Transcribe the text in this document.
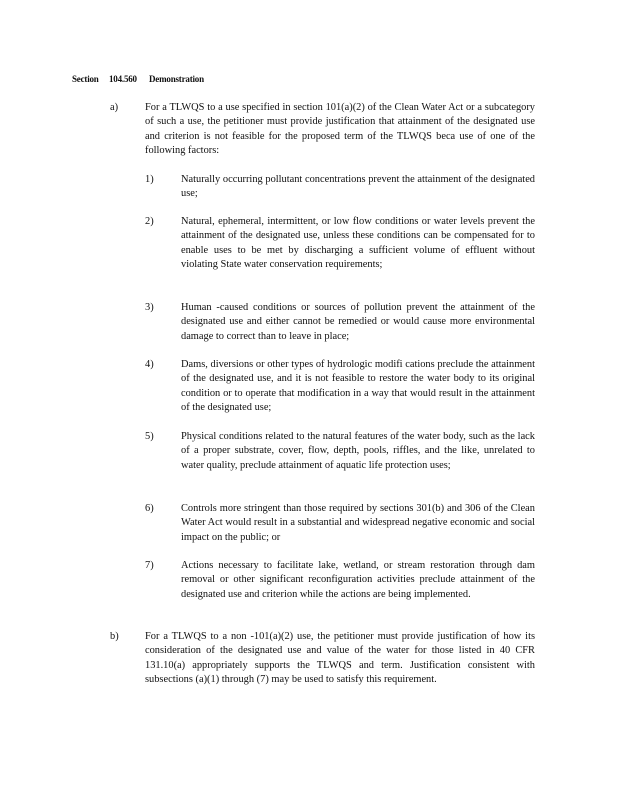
Section 104.560 Demonstration
a)	For a TLWQS to a use specified in section 101(a)(2) of the Clean Water Act or a subcategory of such a use, the petitioner must provide justification that attainment of the designated use and criterion is not feasible for the proposed term of the TLWQS beca use of one of the following factors:
1)	Naturally occurring pollutant concentrations prevent the attainment of the designated use;
2)	Natural, ephemeral, intermittent, or low flow conditions or water levels prevent the attainment of the designated use, unless these conditions can be compensated for to enable uses to be met by discharging a sufficient volume of effluent without violating State water conservation requirements;
3)	Human -caused conditions or sources of pollution prevent the attainment of the designated use and either cannot be remedied or would cause more environmental damage to correct than to leave in place;
4)	Dams, diversions or other types of hydrologic modifi cations preclude the attainment of the designated use, and it is not feasible to restore the water body to its original condition or to operate that modification in a way that would result in the attainment of the designated use;
5)	Physical conditions related to the natural features of the water body, such as the lack of a proper substrate, cover, flow, depth, pools, riffles, and the like, unrelated to water quality, preclude attainment of aquatic life protection uses;
6)	Controls more stringent than those required by sections 301(b) and 306 of the Clean Water Act would result in a substantial and widespread negative economic and social impact on the public; or
7)	Actions necessary to facilitate lake, wetland, or stream restoration through dam removal or other significant reconfiguration activities preclude attainment of the designated use and criterion while the actions are being implemented.
b)	For a TLWQS to a non -101(a)(2) use, the petitioner must provide justification of how its consideration of the designated use and value of the water for those listed in 40 CFR 131.10(a) appropriately supports the TLWQS and term. Justification consistent with subsections (a)(1) through (7) may be used to satisfy this requirement.
